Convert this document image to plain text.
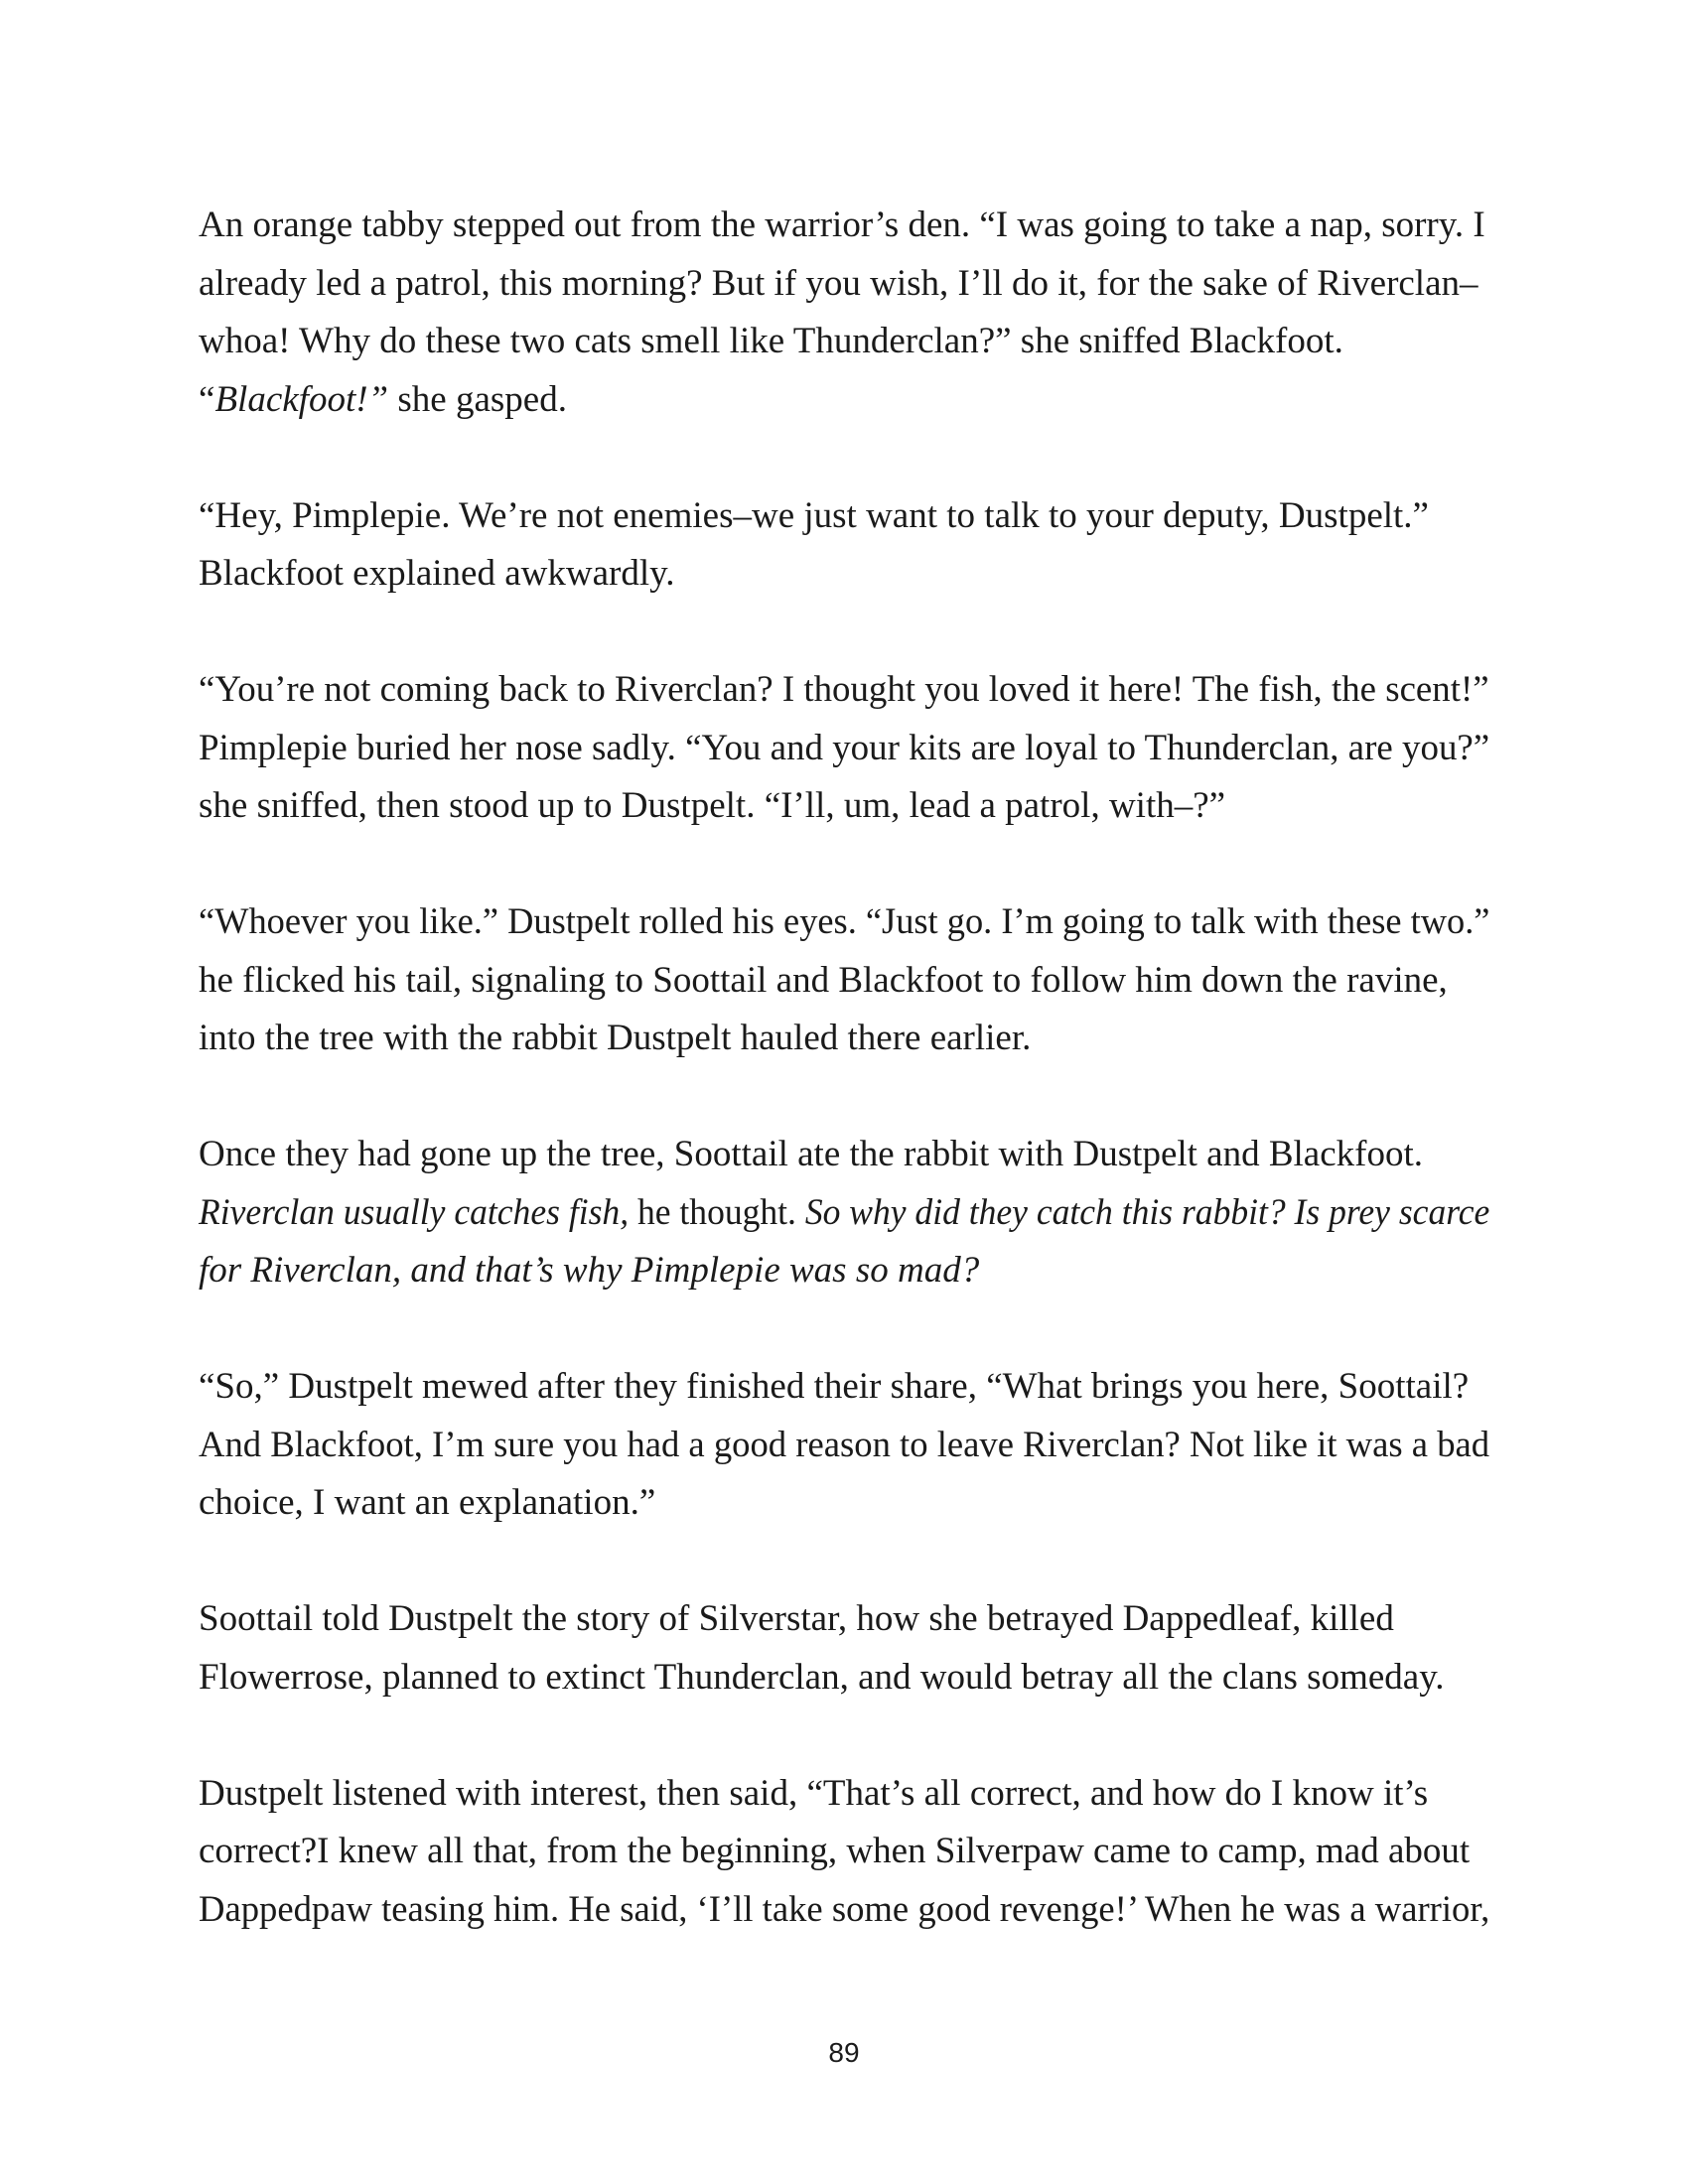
An orange tabby stepped out from the warrior’s den. “I was going to take a nap, sorry. I
already led a patrol, this morning? But if you wish, I’ll do it, for the sake of Riverclan–
whoa! Why do these two cats smell like Thunderclan?” she sniffed Blackfoot.
“Blackfoot!” she gasped.

“Hey, Pimplepie. We’re not enemies–we just want to talk to your deputy, Dustpelt.”
Blackfoot explained awkwardly.

“You’re not coming back to Riverclan? I thought you loved it here! The fish, the scent!”
Pimplepie buried her nose sadly. “You and your kits are loyal to Thunderclan, are you?”
she sniffed, then stood up to Dustpelt. “I’ll, um, lead a patrol, with–?”

“Whoever you like.” Dustpelt rolled his eyes. “Just go. I’m going to talk with these two.”
he flicked his tail, signaling to Soottail and Blackfoot to follow him down the ravine,
into the tree with the rabbit Dustpelt hauled there earlier.

Once they had gone up the tree, Soottail ate the rabbit with Dustpelt and Blackfoot.
Riverclan usually catches fish, he thought. So why did they catch this rabbit? Is prey scarce
for Riverclan, and that’s why Pimplepie was so mad?

“So,” Dustpelt mewed after they finished their share, “What brings you here, Soottail?
And Blackfoot, I’m sure you had a good reason to leave Riverclan? Not like it was a bad
choice, I want an explanation.”

Soottail told Dustpelt the story of Silverstar, how she betrayed Dappedleaf, killed
Flowerrose, planned to extinct Thunderclan, and would betray all the clans someday.

Dustpelt listened with interest, then said, “That’s all correct, and how do I know it’s
correct?I knew all that, from the beginning, when Silverpaw came to camp, mad about
Dappedpaw teasing him. He said, ‘I’ll take some good revenge!’ When he was a warrior,

89
